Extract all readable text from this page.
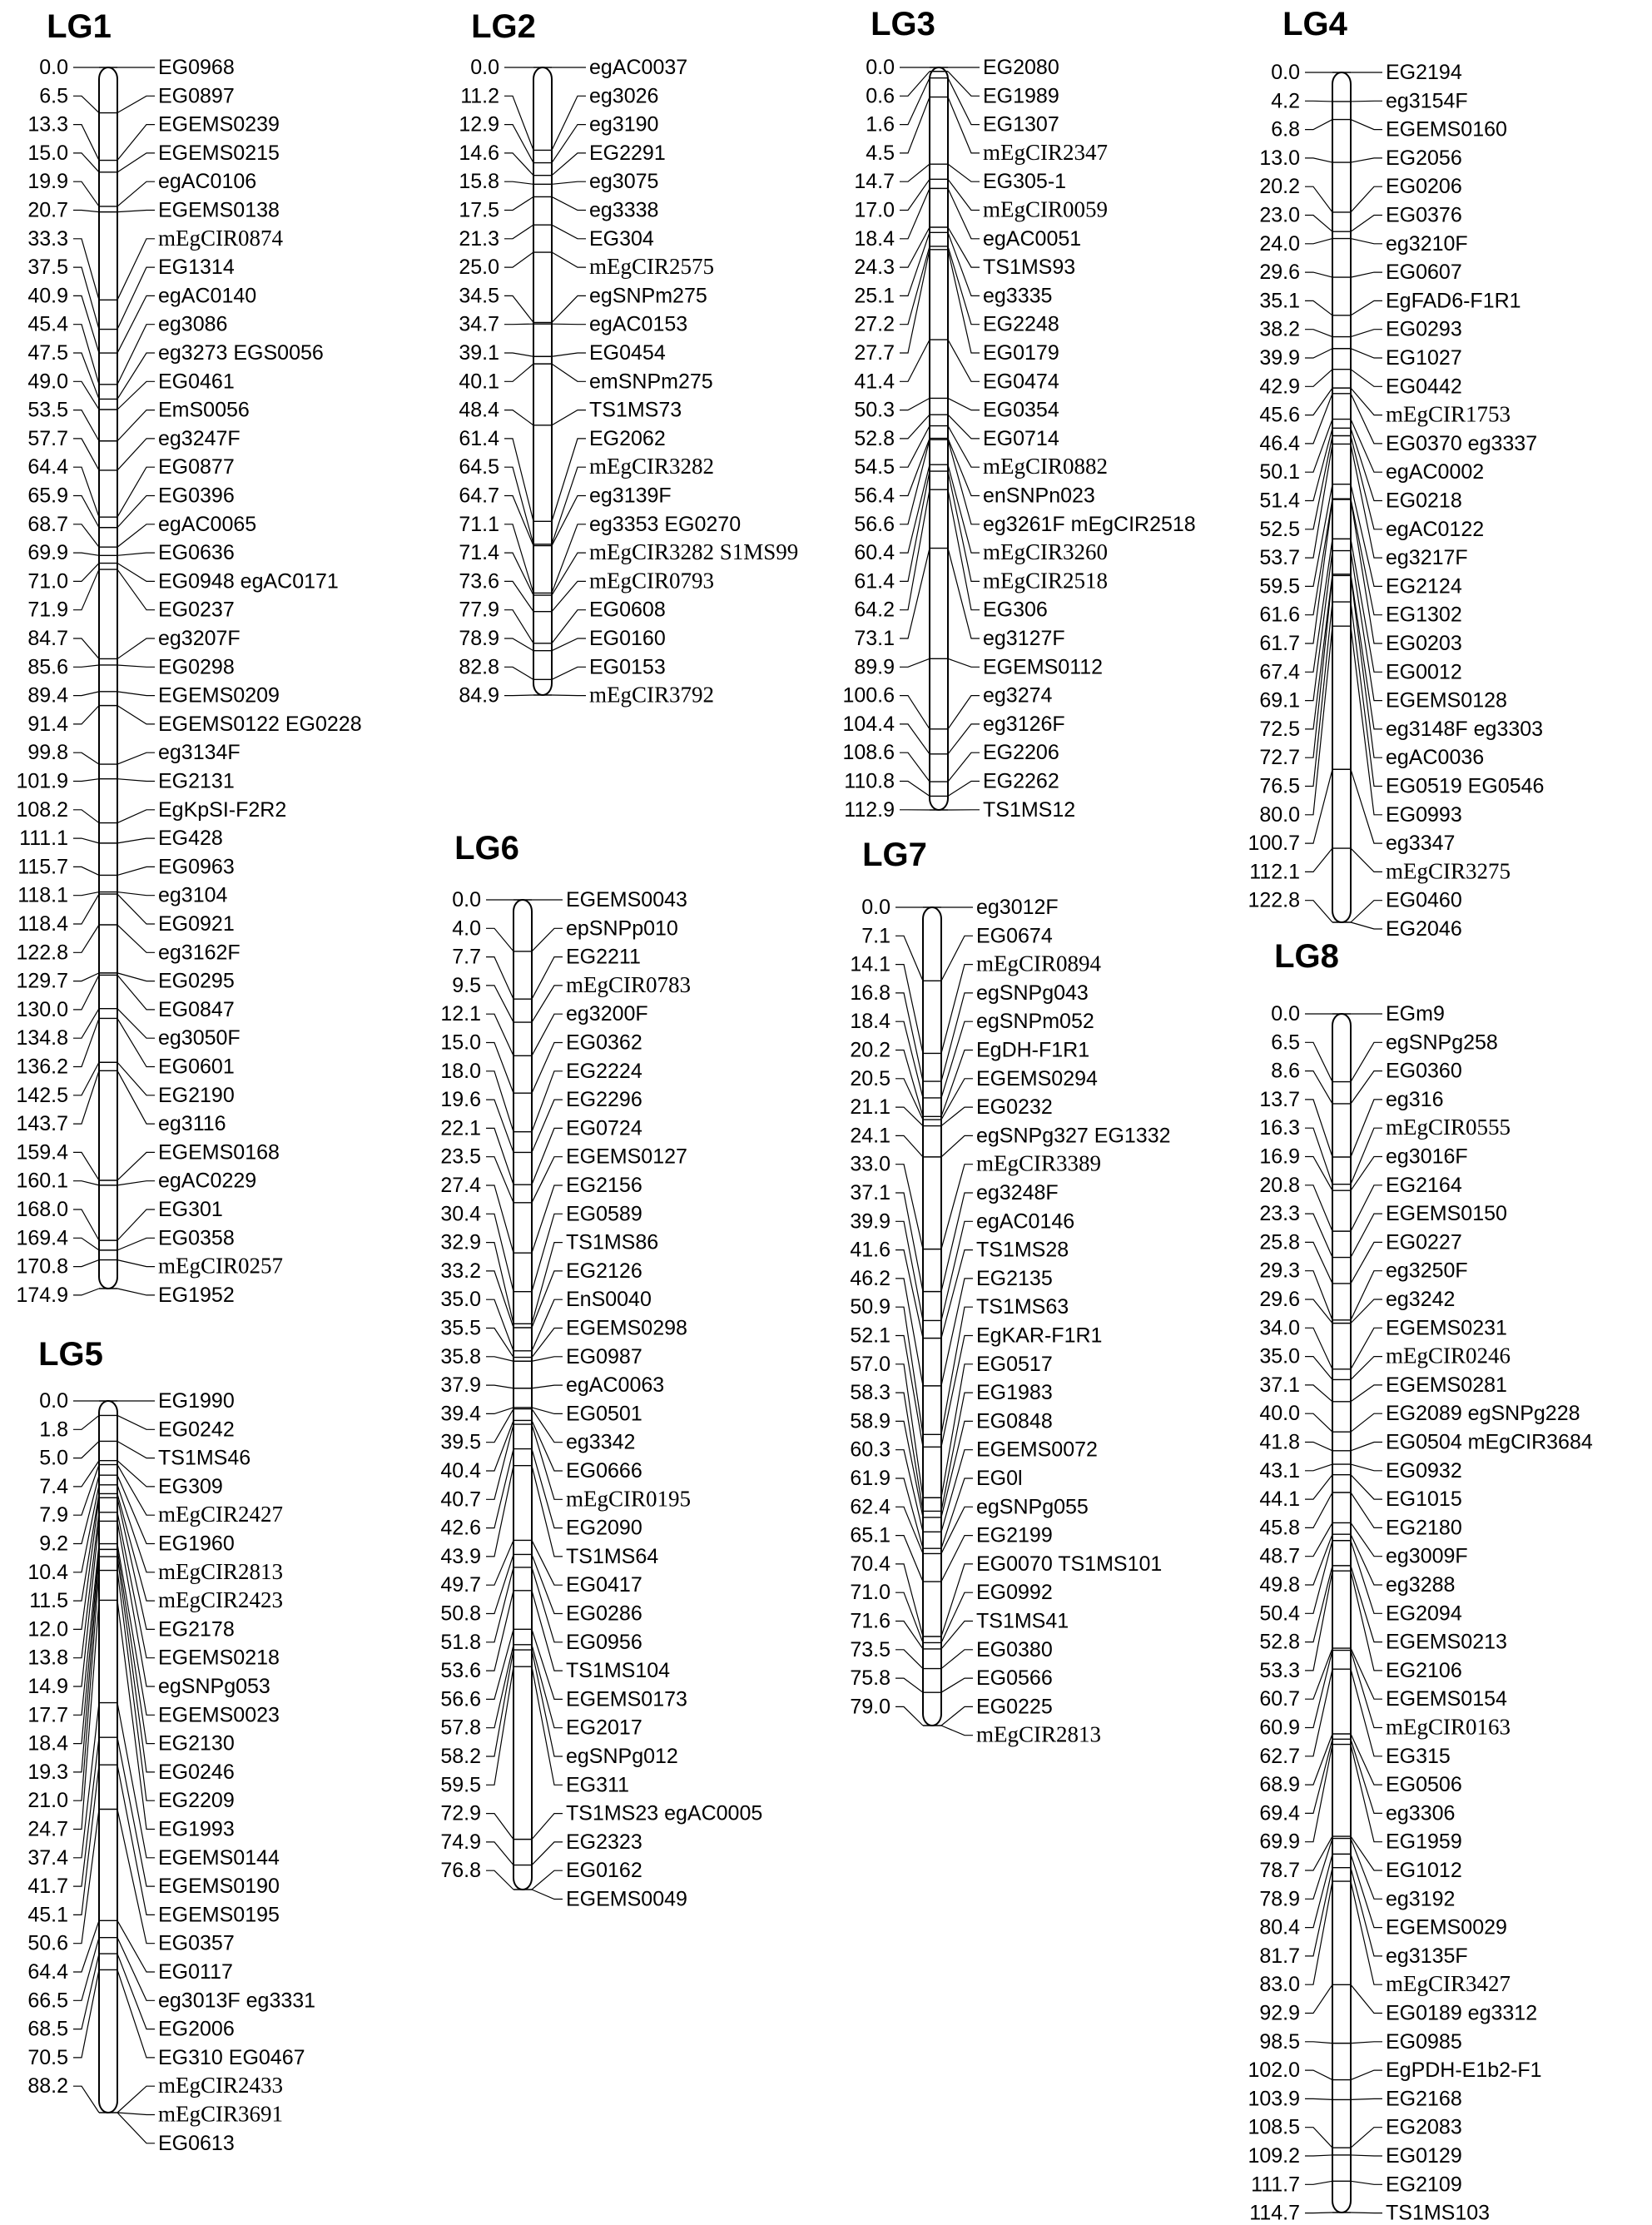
LG1
0.0
6.5
13.3
15.0
19.9
20.7
33.3
37.5
40.9
45.4
47.5
49.0
53.5
57.7
64.4
65.9
68.7
69.9
71.0
71.9
84.7
85.6
89.4
91.4
99.8
101.9
108.2
111.1
115.7
118.1
118.4
122.8
129.7
130.0
134.8
136.2
142.5
143.7
159.4
160.1
168.0
169.4
170.8
174.9
EG0968
EG0897
EGEMS0239
EGEMS0215
egAC0106
EGEMS0138
mEgCIR0874
EG1314
egAC0140
eg3086
eg3273 EGS0056
EG0461
EmS0056
eg3247F
EG0877
EG0396
egAC0065
EG0636
EG0948 egAC0171
EG0237
eg3207F
EG0298
EGEMS0209
EGEMS0122 EG0228
eg3134F
EG2131
EgKpSI-F2R2
EG428
EG0963
eg3104
EG0921
eg3162F
EG0295
EG0847
eg3050F
EG0601
EG2190
eg3116
EGEMS0168
egAC0229
EG301
EG0358
mEgCIR0257
EG1952
LG2
0.0
11.2
12.9
14.6
15.8
17.5
21.3
25.0
34.5
34.7
39.1
40.1
48.4
61.4
64.5
64.7
71.1
71.4
73.6
77.9
78.9
82.8
84.9
egAC0037
eg3026
eg3190
EG2291
eg3075
eg3338
EG304
mEgCIR2575
egSNPm275
egAC0153
EG0454
emSNPm275
TS1MS73
EG2062
mEgCIR3282
eg3139F
eg3353 EG0270
mEgCIR3282 S1MS99
mEgCIR0793
EG0608
EG0160
EG0153
mEgCIR3792
LG3
0.0
0.6
1.6
4.5
14.7
17.0
18.4
24.3
25.1
27.2
27.7
41.4
50.3
52.8
54.5
56.4
56.6
60.4
61.4
64.2
73.1
89.9
100.6
104.4
108.6
110.8
112.9
EG2080
EG1989
EG1307
mEgCIR2347
EG305-1
mEgCIR0059
egAC0051
TS1MS93
eg3335
EG2248
EG0179
EG0474
EG0354
EG0714
mEgCIR0882
enSNPn023
eg3261F mEgCIR2518
mEgCIR3260
mEgCIR2518
EG306
eg3127F
EGEMS0112
eg3274
eg3126F
EG2206
EG2262
TS1MS12
LG4
0.0
4.2
6.8
13.0
20.2
23.0
24.0
29.6
35.1
38.2
39.9
42.9
45.6
46.4
50.1
51.4
52.5
53.7
59.5
61.6
61.7
67.4
69.1
72.5
72.7
76.5
80.0
100.7
112.1
122.8
EG2194
eg3154F
EGEMS0160
EG2056
EG0206
EG0376
eg3210F
EG0607
EgFAD6-F1R1
EG0293
EG1027
EG0442
mEgCIR1753
EG0370 eg3337
egAC0002
EG0218
egAC0122
eg3217F
EG2124
EG1302
EG0203
EG0012
EGEMS0128
eg3148F eg3303
egAC0036
EG0519 EG0546
EG0993
eg3347
mEgCIR3275
EG0460
EG2046
LG5
0.0
1.8
5.0
7.4
7.9
9.2
10.4
11.5
12.0
13.8
14.9
17.7
18.4
19.3
21.0
24.7
37.4
41.7
45.1
50.6
64.4
66.5
68.5
70.5
88.2
EG1990
EG0242
TS1MS46
EG309
mEgCIR2427
EG1960
mEgCIR2813
mEgCIR2423
EG2178
EGEMS0218
egSNPg053
EGEMS0023
EG2130
EG0246
EG2209
EG1993
EGEMS0144
EGEMS0190
EGEMS0195
EG0357
EG0117
eg3013F eg3331
EG2006
EG310 EG0467
mEgCIR2433
mEgCIR3691
EG0613
LG6
0.0
4.0
7.7
9.5
12.1
15.0
18.0
19.6
22.1
23.5
27.4
30.4
32.9
33.2
35.0
35.5
35.8
37.9
39.4
39.5
40.4
40.7
42.6
43.9
49.7
50.8
51.8
53.6
56.6
57.8
58.2
59.5
72.9
74.9
76.8
EGEMS0043
epSNPp010
EG2211
mEgCIR0783
eg3200F
EG0362
EG2224
EG2296
EG0724
EGEMS0127
EG2156
EG0589
TS1MS86
EG2126
EnS0040
EGEMS0298
EG0987
egAC0063
EG0501
eg3342
EG0666
mEgCIR0195
EG2090
TS1MS64
EG0417
EG0286
EG0956
TS1MS104
EGEMS0173
EG2017
egSNPg012
EG311
TS1MS23 egAC0005
EG2323
EG0162
EGEMS0049
LG7
0.0
7.1
14.1
16.8
18.4
20.2
20.5
21.1
24.1
33.0
37.1
39.9
41.6
46.2
50.9
52.1
57.0
58.3
58.9
60.3
61.9
62.4
65.1
70.4
71.0
71.6
73.5
75.8
79.0
eg3012F
EG0674
mEgCIR0894
egSNPg043
egSNPm052
EgDH-F1R1
EGEMS0294
EG0232
egSNPg327 EG1332
mEgCIR3389
eg3248F
egAC0146
TS1MS28
EG2135
TS1MS63
EgKAR-F1R1
EG0517
EG1983
EG0848
EGEMS0072
EG0l
egSNPg055
EG2199
EG0070 TS1MS101
EG0992
TS1MS41
EG0380
EG0566
EG0225
mEgCIR2813
LG8
0.0
6.5
8.6
13.7
16.3
16.9
20.8
23.3
25.8
29.3
29.6
34.0
35.0
37.1
40.0
41.8
43.1
44.1
45.8
48.7
49.8
50.4
52.8
53.3
60.7
60.9
62.7
68.9
69.4
69.9
78.7
78.9
80.4
81.7
83.0
92.9
98.5
102.0
103.9
108.5
109.2
111.7
114.7
EGm9
egSNPg258
EG0360
eg316
mEgCIR0555
eg3016F
EG2164
EGEMS0150
EG0227
eg3250F
eg3242
EGEMS0231
mEgCIR0246
EGEMS0281
EG2089 egSNPg228
EG0504 mEgCIR3684
EG0932
EG1015
EG2180
eg3009F
eg3288
EG2094
EGEMS0213
EG2106
EGEMS0154
mEgCIR0163
EG315
EG0506
eg3306
EG1959
EG1012
eg3192
EGEMS0029
eg3135F
mEgCIR3427
EG0189 eg3312
EG0985
EgPDH-E1b2-F1
EG2168
EG2083
EG0129
EG2109
TS1MS103
